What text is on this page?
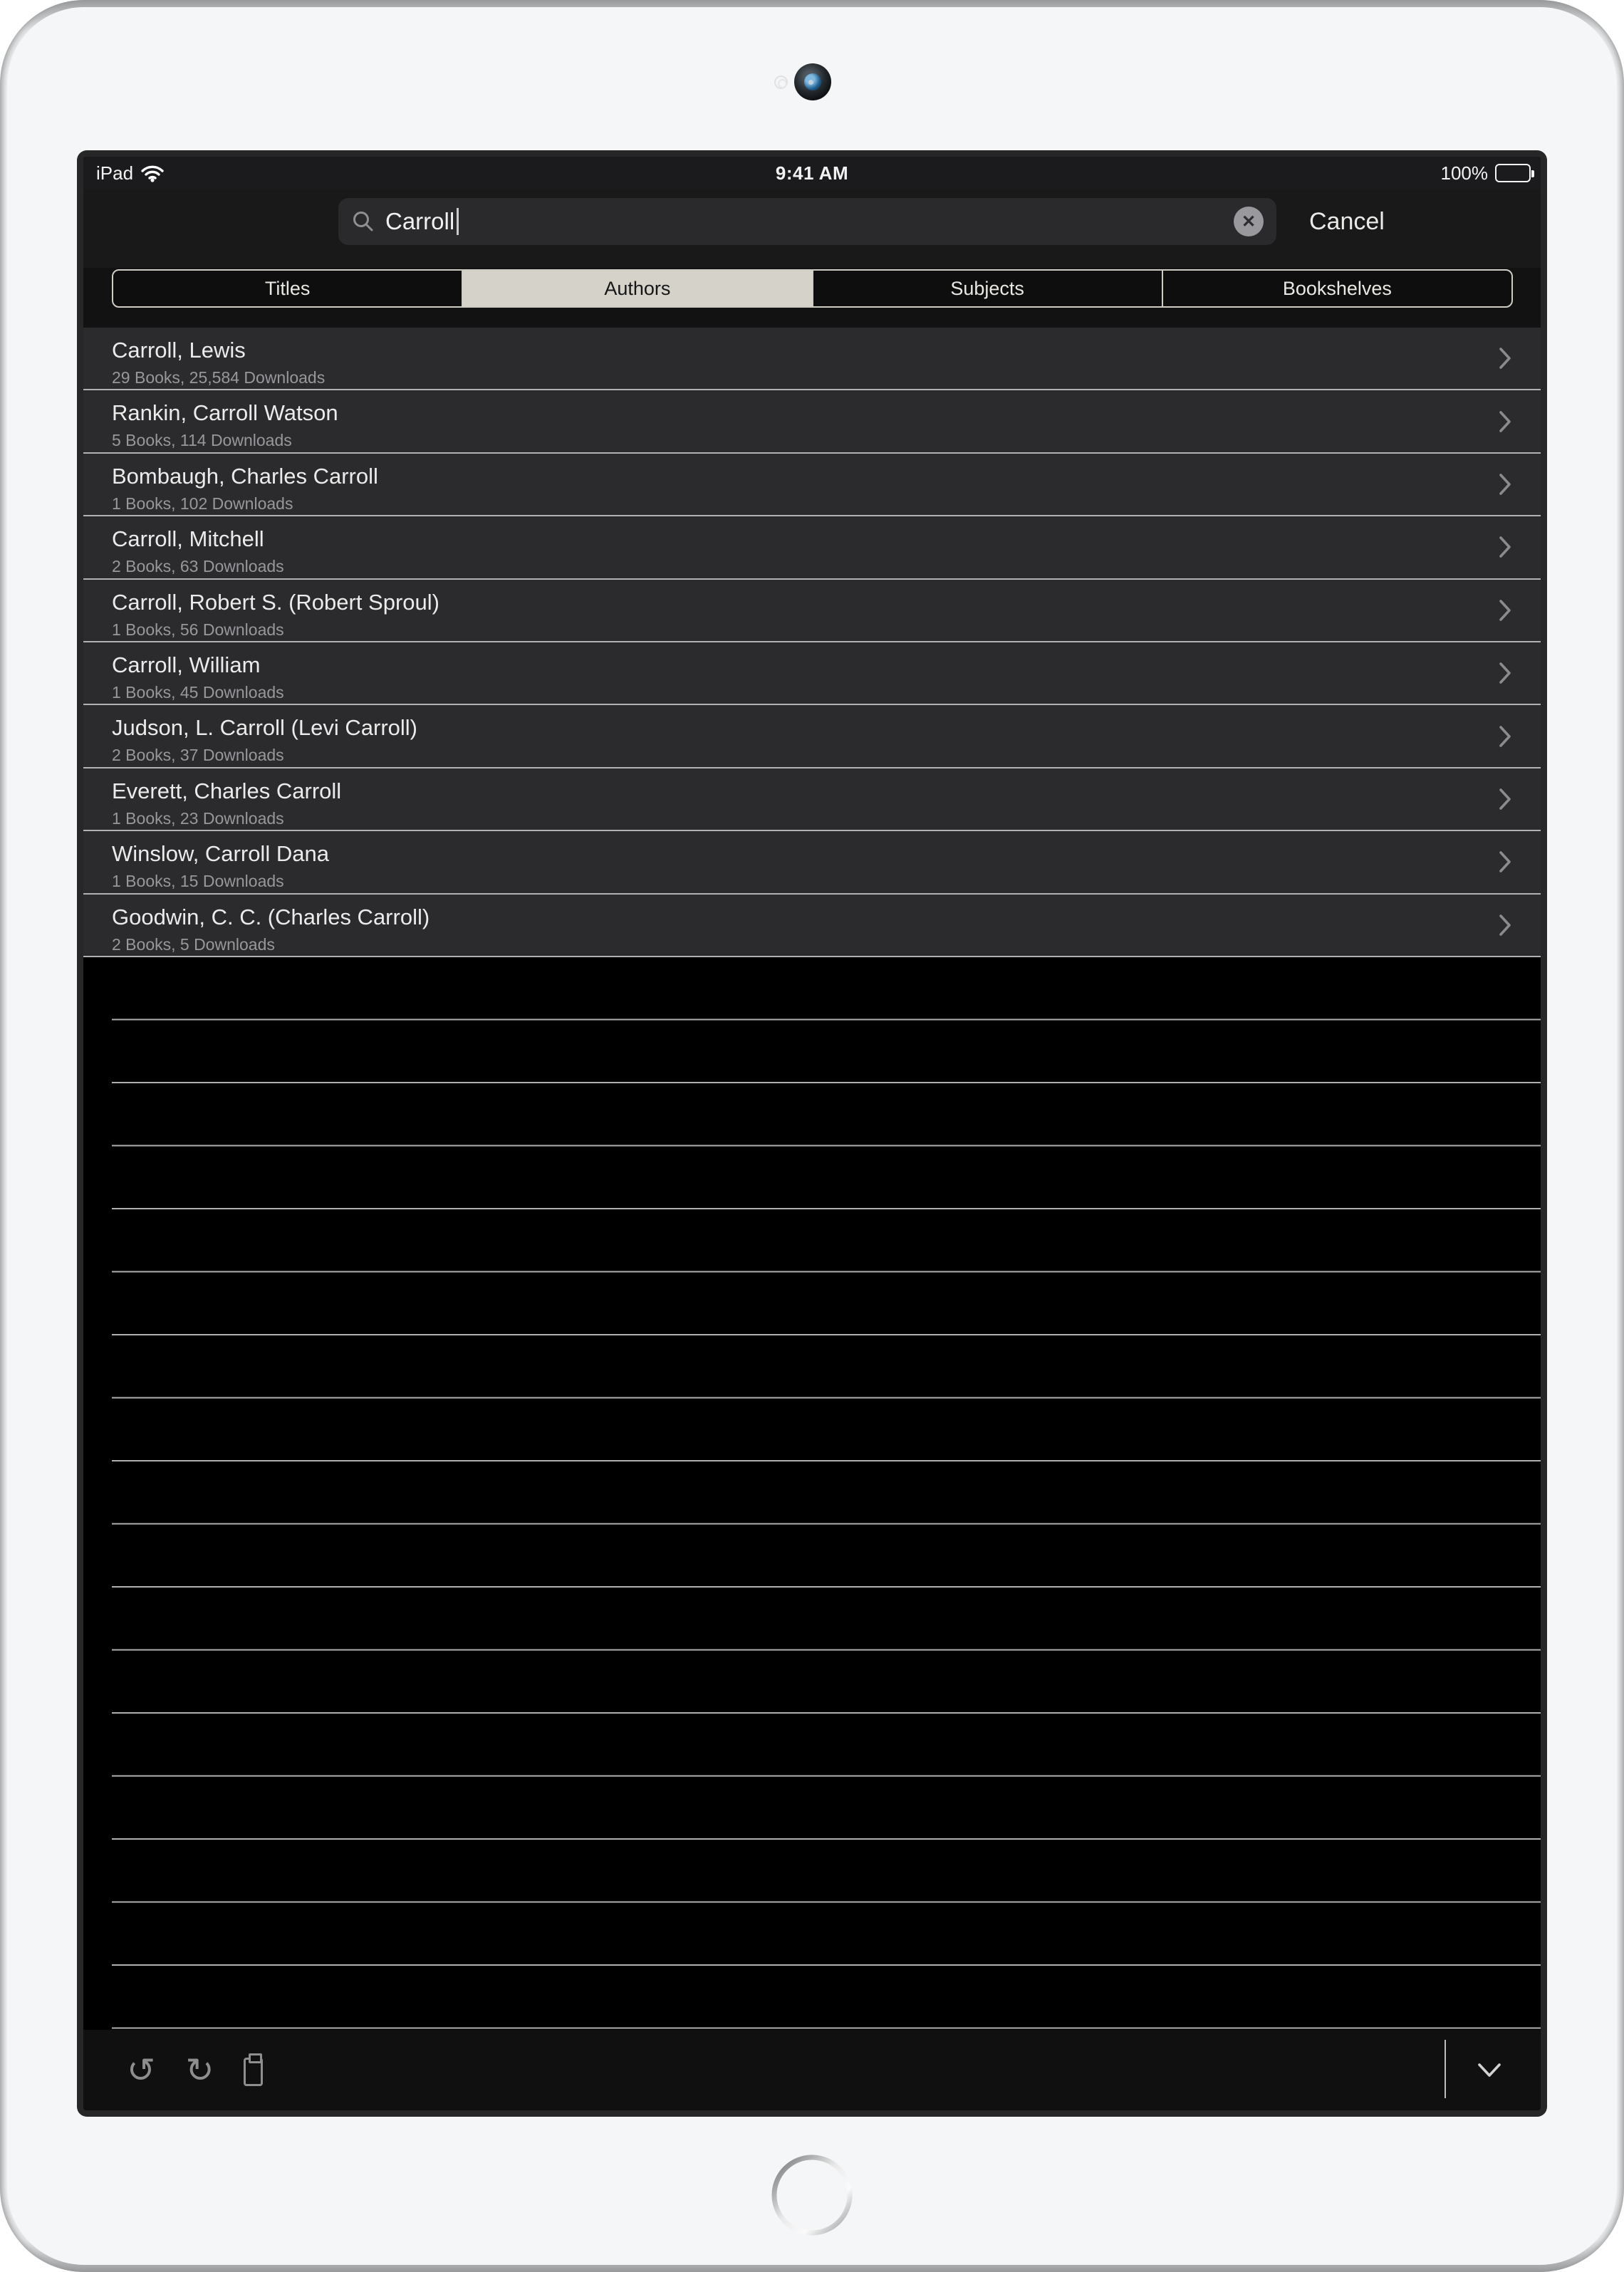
iPad	9:41 AM	100%
Carroll	✕	Cancel
Titles	Authors	Subjects	Bookshelves
Carroll, Lewis
29 Books, 25,584 Downloads
Rankin, Carroll Watson
5 Books, 114 Downloads
Bombaugh, Charles Carroll
1 Books, 102 Downloads
Carroll, Mitchell
2 Books, 63 Downloads
Carroll, Robert S. (Robert Sproul)
1 Books, 56 Downloads
Carroll, William
1 Books, 45 Downloads
Judson, L. Carroll (Levi Carroll)
2 Books, 37 Downloads
Everett, Charles Carroll
1 Books, 23 Downloads
Winslow, Carroll Dana
1 Books, 15 Downloads
Goodwin, C. C. (Charles Carroll)
2 Books, 5 Downloads
↺ ↻
